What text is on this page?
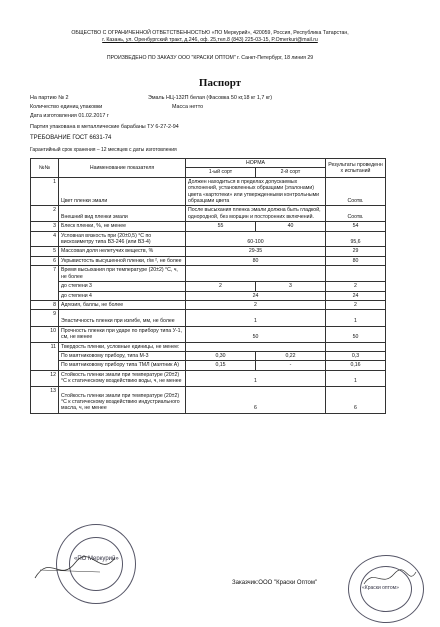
ОБЩЕСТВО С ОГРАНИЧЕННОЙ ОТВЕТСТВЕННОСТЬЮ «ПО Меркурий», 420059, Россия, Республика Татарстан,
г. Казань, ул. Оренбургский тракт, д.246, оф. 25,тел.8 (843) 225-03-15, P.Omerkuri@mail.ru
ПРОИЗВЕДЕНО ПО ЗАКАЗУ ООО "КРАСКИ ОПТОМ" г. Санкт-Петербург, 18 линия 29
Паспорт
На партию № 2	Эмаль НЦ-132П белая (Фасовка 50 кг,18 кг 1,7 кг)
Количество единиц упаковки	Масса нетто
Дата изготовления 01.02.2017 г
Партия упакована в металлические барабаны ТУ 6-27-2-94
ТРЕБОВАНИЕ ГОСТ 6631-74
Гарантийный срок хранения – 12 месяцев с даты изготовления
№№	Наименование показателя	НОРМА		Результаты проведенн х испытаний
		1-ый сорт	2-й сорт	
1	Цвет пленки эмали	Должен находиться в пределах допускаемых отклонений, установленных образцами (эталонами) цвета «картотеки» или утвержденными контрольными образцами цвета		Соотв.
2	Внешний вид пленки эмали	После высыхания пленка эмали должна быть гладкой, однородной, без морщин и посторонних включений.		Соотв.
3	Блеск пленки, %, не менее	55	40	54
4	Условная вязкость при (20±0,5) °С по вискозиметру типа ВЗ-246 (или ВЗ-4)	60-100		95,6
5	Массовая доля нелетучих веществ, %	29-35		29
6	Укрывистость высушенной пленки, г/м ², не более	80		80
7	Время высыхания при температуре (20±2) °С, ч, не более			
	до степени 3	2	3	2
	до степени 4	24		24
8	Адгезия, баллы, не более	2		2
9	Эластичность пленки при изгибе, мм, не более	1		1
10	Прочность пленки при ударе по прибору типа У-1, см, не менее	50		50
11	Твердость пленки, условные единицы, не менее:			
	По маятниковому прибору, типа М-3	0,30	0,22	0,3
	По маятниковому прибору типа ТМЛ (маятник А)	0,15	-	0,16
12	Стойкость пленки эмали при температуре (20±2) °С к статическому воздействию воды, ч, не менее	1		1
13	Стойкость пленки эмали при температуре (20±2) °С к статическому воздействию индустриального масла, ч, не менее	6		6
«ПО Меркурий»
Заказчик:ООО "Краски Оптом"
«Краски оптом»
